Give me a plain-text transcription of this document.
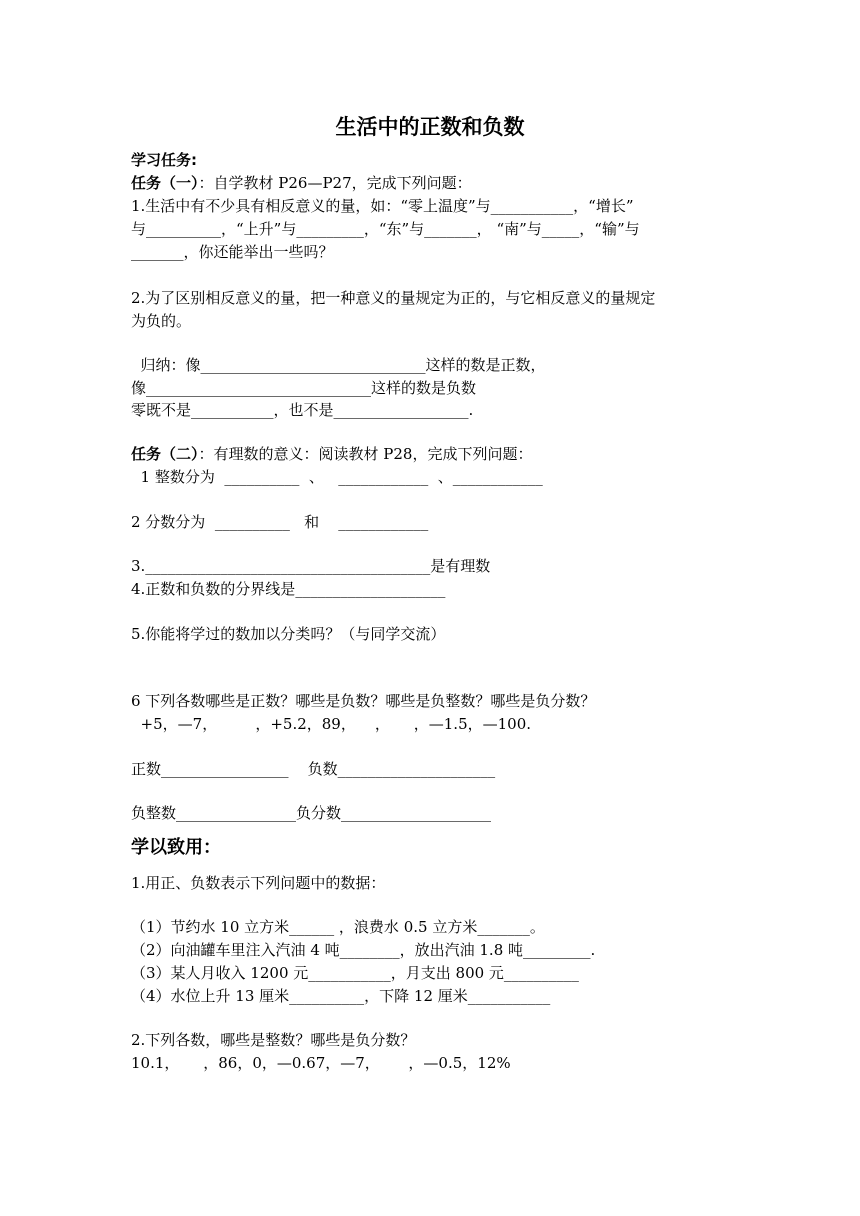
生活中的正数和负数
学习任务:
任务（一）：自学教材 P26—P27，完成下列问题：
1.生活中有不少具有相反意义的量，如：“零上温度”与___________，“增长”
与__________，“上升”与_________，“东”与_______， “南”与_____，“输”与
_______，你还能举出一些吗？
2.为了区别相反意义的量，把一种意义的量规定为正的，与它相反意义的量规定
为负的。
归纳：像______________________________这样的数是正数，
像______________________________这样的数是负数
零既不是___________，也不是__________________.
任务（二）：有理数的意义：阅读教材 P28，完成下列问题：
1 整数分为  __________  、   ____________  、____________
2 分数分为  __________   和    ____________
3.______________________________________是有理数
4.正数和负数的分界线是____________________
5.你能将学过的数加以分类吗？（与同学交流）
6 下列各数哪些是正数？哪些是负数？哪些是负整数？哪些是负分数？
+5，—7，        ，+5.2，89，    ，     ，—1.5，—100.
正数_________________    负数_____________________
负整数________________负分数____________________
学以致用：
1.用正、负数表示下列问题中的数据：
（1）节约水 10 立方米______ ，浪费水 0.5 立方米_______。
（2）向油罐车里注入汽油 4 吨________，放出汽油 1.8 吨_________.
（3）某人月收入 1200 元___________，月支出 800 元__________
（4）水位上升 13 厘米__________，下降 12 厘米___________
2.下列各数，哪些是整数？哪些是负分数？
10.1，     ，86，0，—0.67，—7，      ，—0.5，12%
